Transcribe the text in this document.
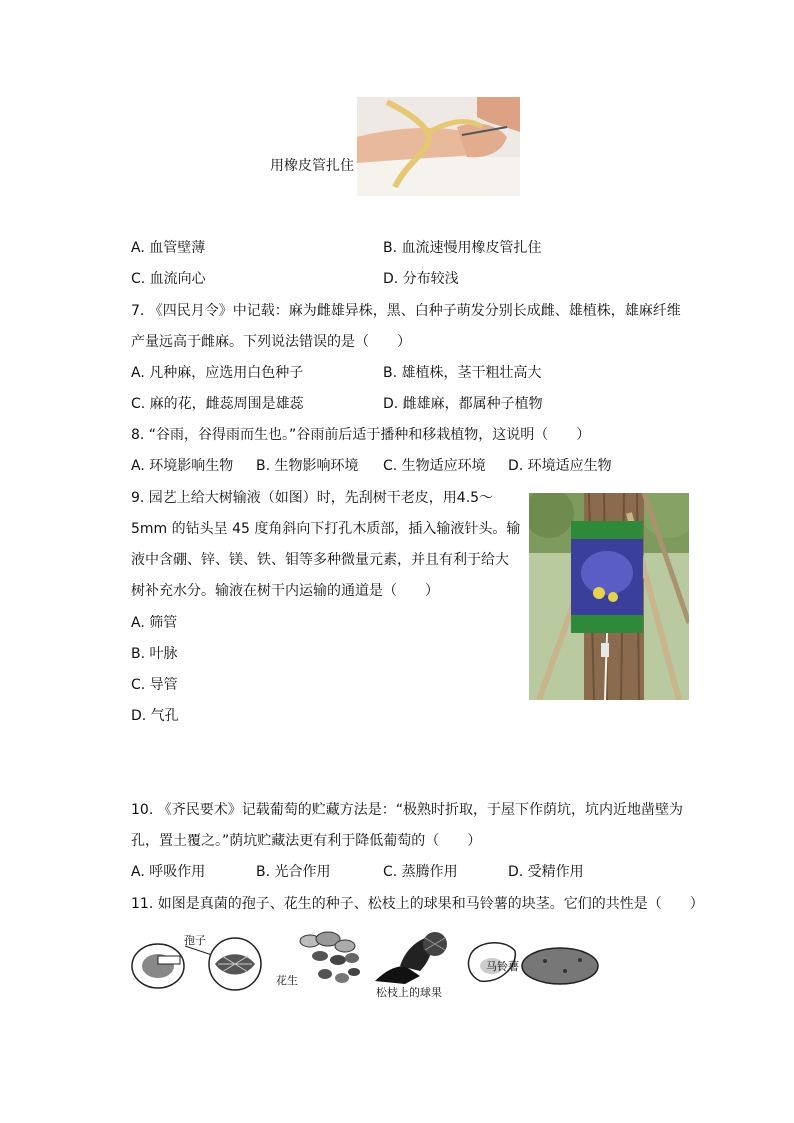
用橡皮管扎住
A. 血管壁薄	B. 血流速慢用橡皮管扎住
C. 血流向心	D. 分布较浅
7. 《四民月令》中记载：麻为雌雄异株，黑、白种子萌发分别长成雌、雄植株，雄麻纤维
产量远高于雌麻。下列说法错误的是（　　）
A. 凡种麻，应选用白色种子	B. 雄植株，茎干粗壮高大
C. 麻的花，雌蕊周围是雄蕊	D. 雌雄麻，都属种子植物
8. “谷雨，谷得雨而生也。”谷雨前后适于播种和移栽植物，这说明（　　）
A. 环境影响生物 B. 生物影响环境 C. 生物适应环境 D. 环境适应生物
9. 园艺上给大树输液（如图）时，先刮树干老皮，用4.5～
5mm 的钻头呈 45 度角斜向下打孔木质部，插入输液针头。输
液中含硼、锌、镁、铁、钼等多种微量元素，并且有利于给大
树补充水分。输液在树干内运输的通道是（　　）
A. 筛管
B. 叶脉
C. 导管
D. 气孔
10. 《齐民要术》记载葡萄的贮藏方法是：“极熟时折取，于屋下作荫坑，坑内近地凿壁为
孔，置土覆之。”荫坑贮藏法更有利于降低葡萄的（　　）
A. 呼吸作用	B. 光合作用	C. 蒸腾作用	D. 受精作用
11. 如图是真菌的孢子、花生的种子、松枝上的球果和马铃薯的块茎。它们的共性是（　　）
孢子
花生
松枝上的球果
马铃薯
